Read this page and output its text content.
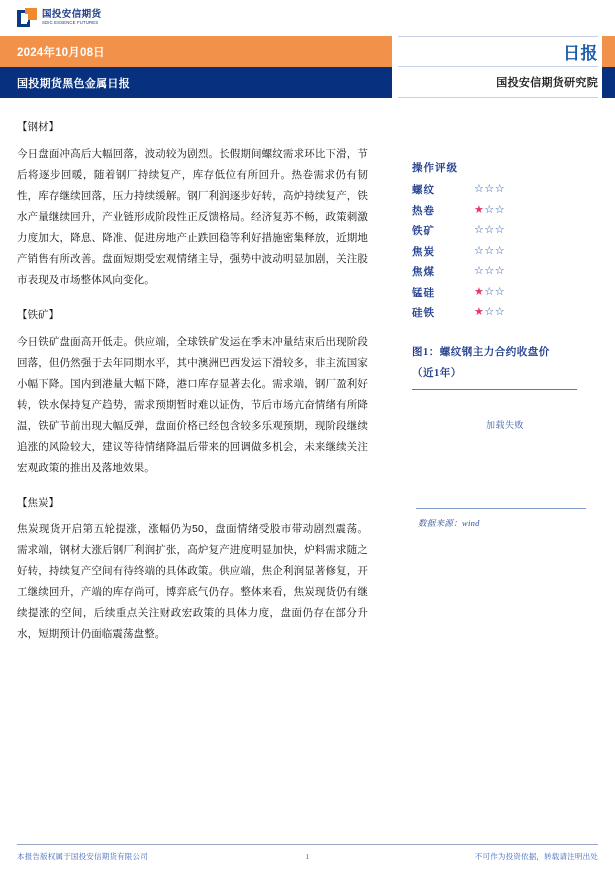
国投安信期货
SDIC ESSENCE FUTURES
2024年10月08日
国投期货黑色金属日报
日报
国投安信期货研究院
【钢材】
今日盘面冲高后大幅回落，波动较为剧烈。长假期间螺纹需求环比下滑，节后将逐步回暖，随着钢厂持续复产，库存低位有所回升。热卷需求仍有韧性，库存继续回落，压力持续缓解。钢厂利润逐步好转，高炉持续复产，铁水产量继续回升，产业链形成阶段性正反馈格局。经济复苏不畅，政策刺激力度加大，降息、降准、促进房地产止跌回稳等利好措施密集释放，近期地产销售有所改善。盘面短期受宏观情绪主导，强势中波动明显加剧，关注股市表现及市场整体风向变化。
【铁矿】
今日铁矿盘面高开低走。供应端，全球铁矿发运在季末冲量结束后出现阶段回落，但仍然强于去年同期水平，其中澳洲巴西发运下滑较多，非主流国家小幅下降。国内到港量大幅下降，港口库存显著去化。需求端，钢厂盈利好转，铁水保持复产趋势，需求预期暂时难以证伪，节后市场亢奋情绪有所降温，铁矿节前出现大幅反弹，盘面价格已经包含较多乐观预期，现阶段继续追涨的风险较大，建议等待情绪降温后带来的回调做多机会，未来继续关注宏观政策的推出及落地效果。
【焦炭】
焦炭现货开启第五轮提涨，涨幅仍为50，盘面情绪受股市带动剧烈震荡。需求端，钢材大涨后钢厂利润扩张，高炉复产进度明显加快，炉料需求随之好转，持续复产空间有待终端的具体政策。供应端，焦企利润显著修复，开工继续回升，产端的库存尚可，博弈底气仍存。整体来看，焦炭现货仍有继续提涨的空间，后续重点关注财政宏政策的具体力度，盘面仍存在部分升水，短期预计仍面临震荡盘整。
操作评级
螺纹	☆☆☆
热卷	★☆☆
铁矿	☆☆☆
焦炭	☆☆☆
焦煤	☆☆☆
锰硅	★☆☆
硅铁	★☆☆
图1：螺纹钢主力合约收盘价
（近1年）
加载失败
数据来源：wind
本报告版权属于国投安信期货有限公司	1	不可作为投资依据，转载请注明出处
